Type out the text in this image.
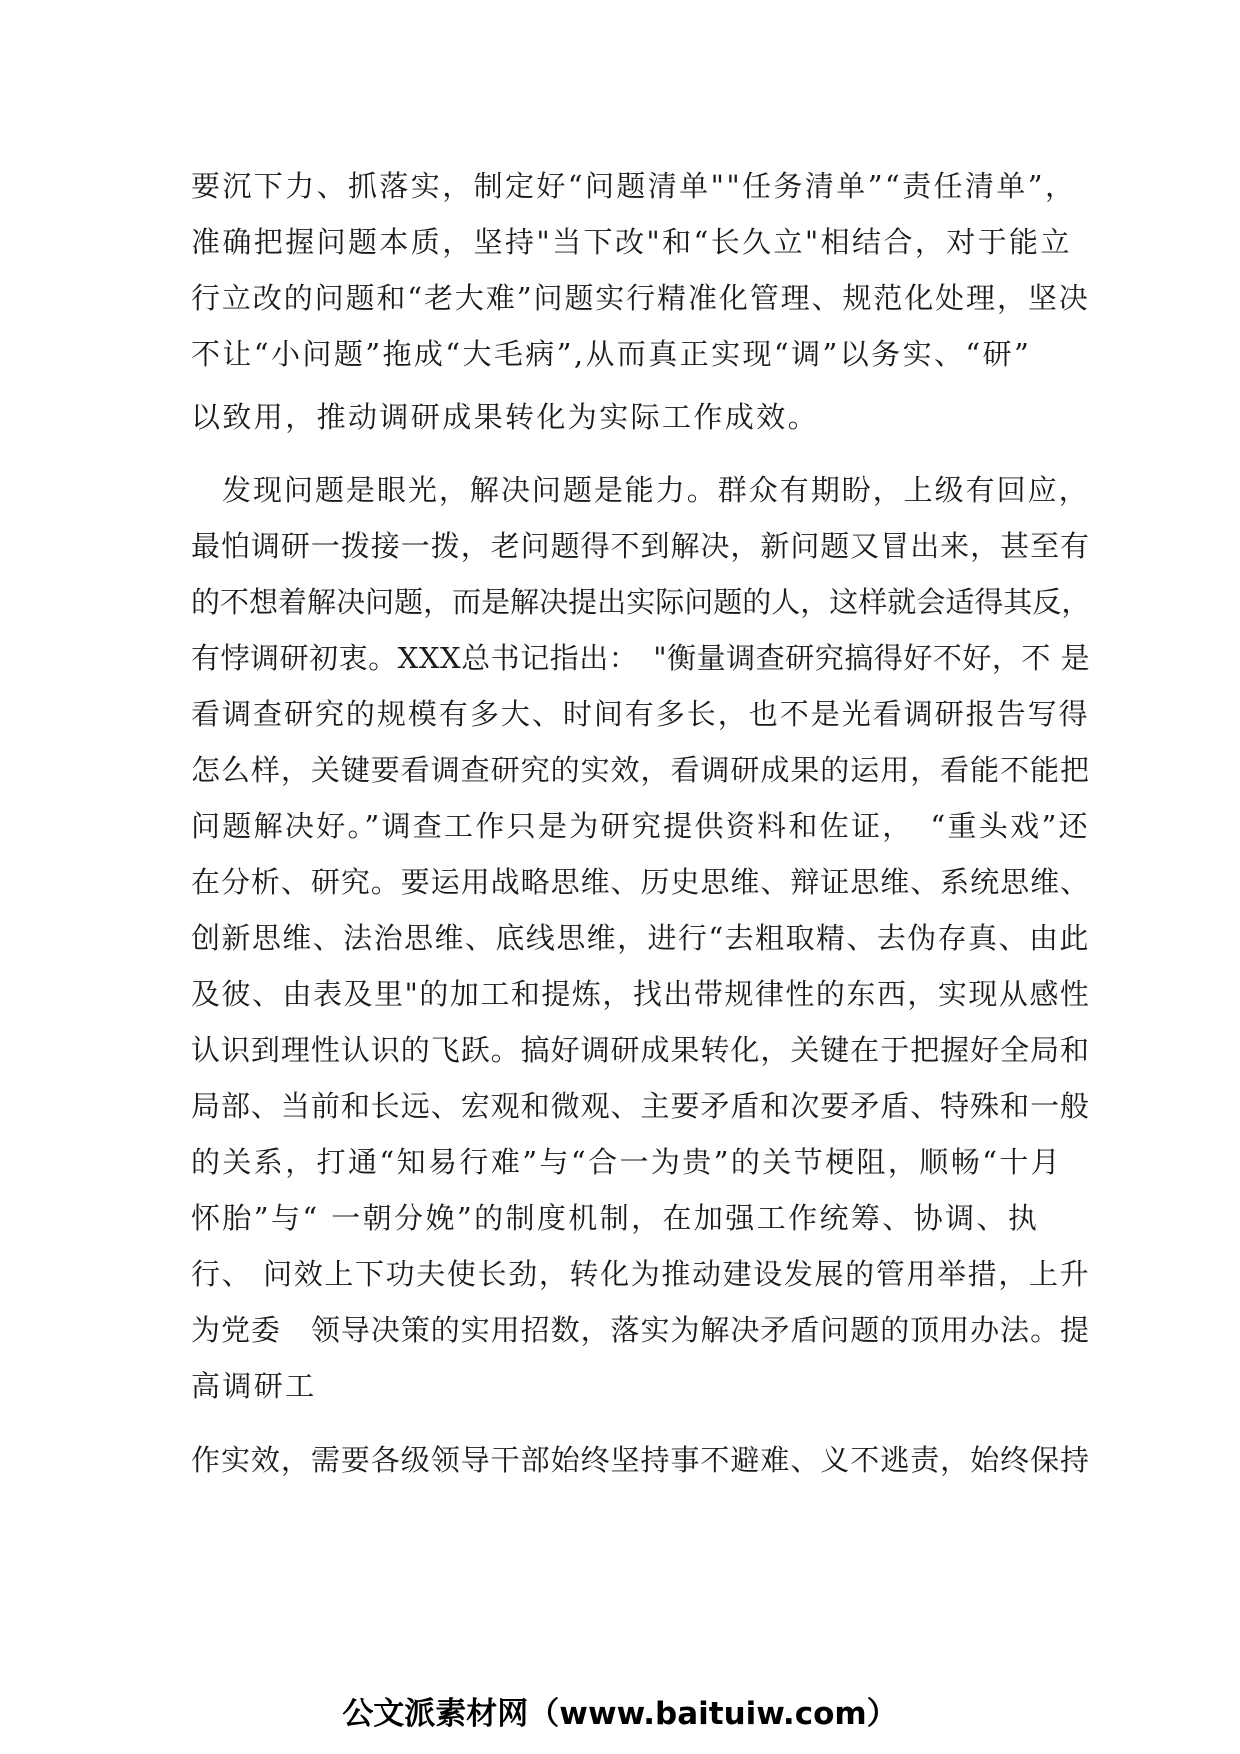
要沉下力、抓落实，制定好“问题清单""任务清单”“责任清单”，
准确把握问题本质，坚持"当下改"和“长久立"相结合，对于能立
行立改的问题和“老大难”问题实行精准化管理、规范化处理，坚决
不让“小问题”拖成“大毛病”,从而真正实现“调”以务实、“研”
以致用，推动调研成果转化为实际工作成效。
　发现问题是眼光，解决问题是能力。群众有期盼，上级有回应，
最怕调研一拨接一拨，老问题得不到解决，新问题又冒出来，甚至有
的不想着解决问题，而是解决提出实际问题的人，这样就会适得其反，
有悖调研初衷。XXX总书记指出：　"衡量调查研究搞得好不好，不 是
看调查研究的规模有多大、时间有多长，也不是光看调研报告写得
怎么样，关键要看调查研究的实效，看调研成果的运用，看能不能把
问题解决好。”调查工作只是为研究提供资料和佐证，　“重头戏”还
在分析、研究。要运用战略思维、历史思维、辩证思维、系统思维、
创新思维、法治思维、底线思维，进行“去粗取精、去伪存真、由此
及彼、由表及里"的加工和提炼，找出带规律性的东西，实现从感性
认识到理性认识的飞跃。搞好调研成果转化，关键在于把握好全局和
局部、当前和长远、宏观和微观、主要矛盾和次要矛盾、特殊和一般
的关系，打通“知易行难”与“合一为贵”的关节梗阻，顺畅“十月
怀胎”与“ 一朝分娩”的制度机制，在加强工作统筹、协调、执
行、 问效上下功夫使长劲，转化为推动建设发展的管用举措，上升
为党委　领导决策的实用招数，落实为解决矛盾问题的顶用办法。提
高调研工
作实效，需要各级领导干部始终坚持事不避难、义不逃责，始终保持
公文派素材网（www.baituiw.com）
